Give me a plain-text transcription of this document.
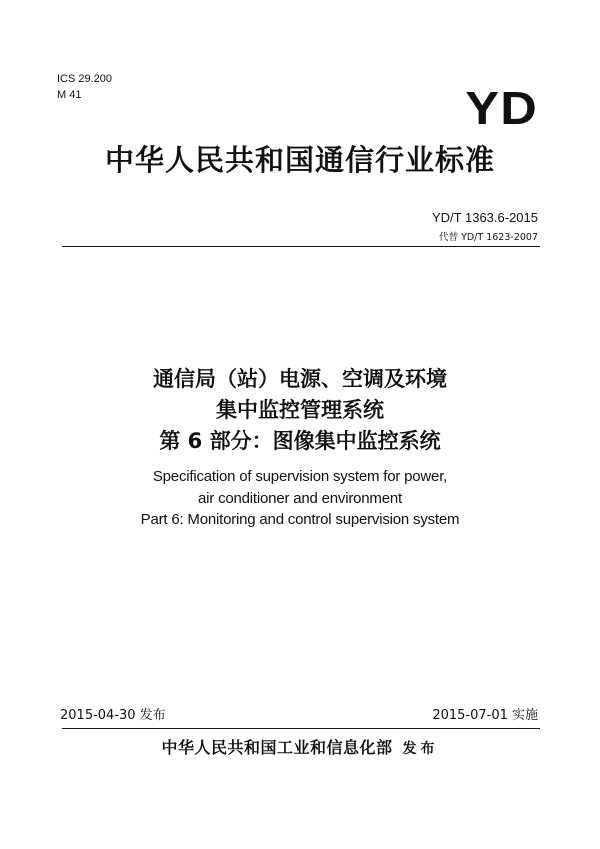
ICS 29.200
M 41	YD
中华人民共和国通信行业标准
YD/T 1363.6-2015
代替 YD/T 1623-2007
通信局（站）电源、空调及环境
集中监控管理系统
第 6 部分：图像集中监控系统
Specification of supervision system for power,
air conditioner and environment
Part 6: Monitoring and control supervision system
2015-04-30 发布	2015-07-01 实施
中华人民共和国工业和信息化部 发布
